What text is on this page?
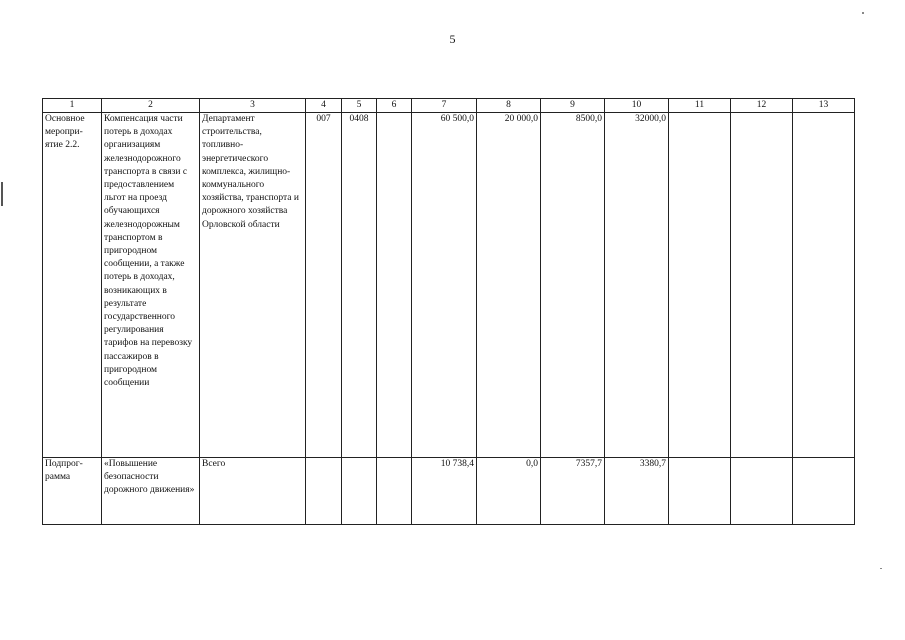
5
1	2	3	4	5	6	7	8	9	10	11	12	13
Основное меропри-ятие 2.2.	Компенсация части потерь в доходах организациям железнодорожного транспорта в связи с предоставлением льгот на проезд обучающихся железнодорожным транспортом в пригородном сообщении, а также потерь в доходах, возникающих в результате государственного регулирования тарифов на перевозку пассажиров в пригородном сообщении	Департамент строительства, топливно-энергетического комплекса, жилищно-коммунального хозяйства, транспорта и дорожного хозяйства Орловской области	007	0408		60 500,0	20 000,0	8500,0	32000,0			
Подпрог-рамма	«Повышение безопасности дорожного движения»	Всего				10 738,4	0,0	7357,7	3380,7			
